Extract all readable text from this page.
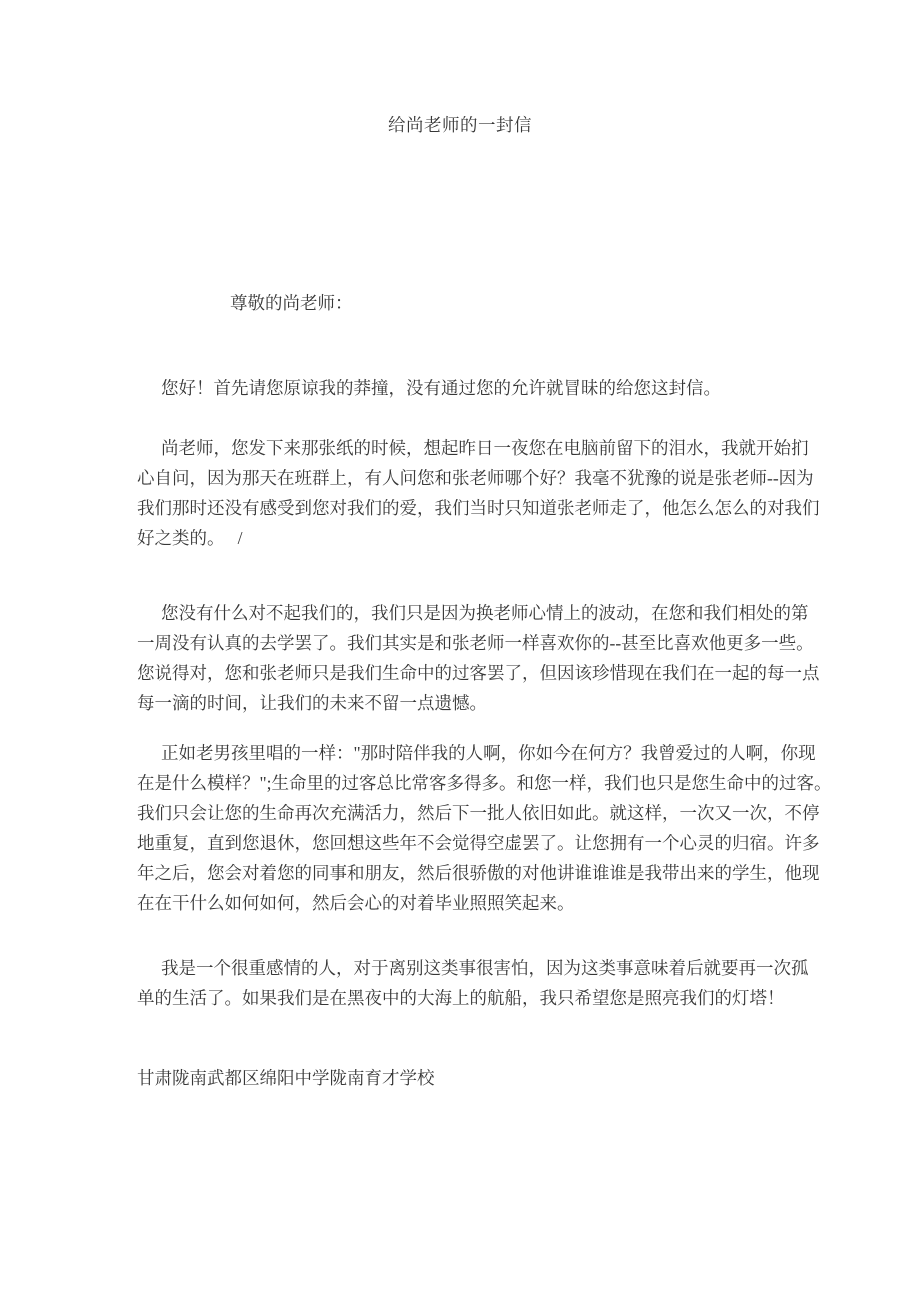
给尚老师的一封信
尊敬的尚老师：
您好！首先请您原谅我的莽撞，没有通过您的允许就冒昧的给您这封信。
尚老师，您发下来那张纸的时候，想起昨日一夜您在电脑前留下的泪水，我就开始扪
心自问，因为那天在班群上，有人问您和张老师哪个好？我毫不犹豫的说是张老师--因为
我们那时还没有感受到您对我们的爱，我们当时只知道张老师走了，他怎么怎么的对我们
好之类的。   /
您没有什么对不起我们的，我们只是因为换老师心情上的波动，在您和我们相处的第
一周没有认真的去学罢了。我们其实是和张老师一样喜欢你的--甚至比喜欢他更多一些。
您说得对，您和张老师只是我们生命中的过客罢了，但因该珍惜现在我们在一起的每一点
每一滴的时间，让我们的未来不留一点遗憾。
正如老男孩里唱的一样："那时陪伴我的人啊，你如今在何方？我曾爱过的人啊，你现
在是什么模样？";生命里的过客总比常客多得多。和您一样，我们也只是您生命中的过客。
我们只会让您的生命再次充满活力，然后下一批人依旧如此。就这样，一次又一次，不停
地重复，直到您退休，您回想这些年不会觉得空虚罢了。让您拥有一个心灵的归宿。许多
年之后，您会对着您的同事和朋友，然后很骄傲的对他讲谁谁谁是我带出来的学生，他现
在在干什么如何如何，然后会心的对着毕业照照笑起来。
我是一个很重感情的人，对于离别这类事很害怕，因为这类事意味着后就要再一次孤
单的生活了。如果我们是在黑夜中的大海上的航船，我只希望您是照亮我们的灯塔！
甘肃陇南武都区绵阳中学陇南育才学校
